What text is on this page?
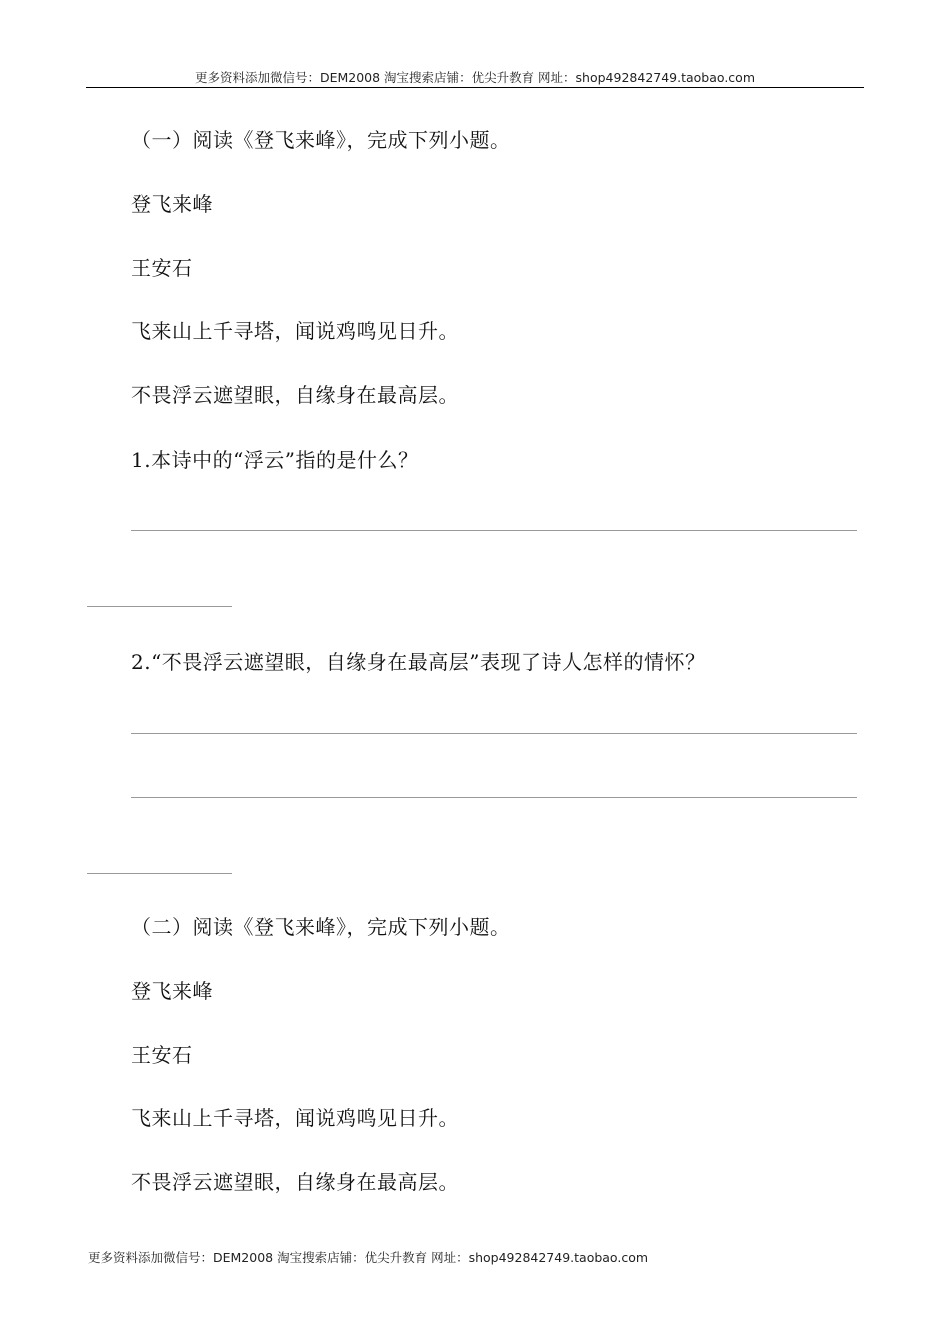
更多资料添加微信号：DEM2008 淘宝搜索店铺：优尖升教育 网址：shop492842749.taobao.com
（一）阅读《登飞来峰》，完成下列小题。
登飞来峰
王安石
飞来山上千寻塔，闻说鸡鸣见日升。
不畏浮云遮望眼，自缘身在最高层。
1.本诗中的“浮云”指的是什么？
2.“不畏浮云遮望眼，自缘身在最高层”表现了诗人怎样的情怀？
（二）阅读《登飞来峰》，完成下列小题。
登飞来峰
王安石
飞来山上千寻塔，闻说鸡鸣见日升。
不畏浮云遮望眼，自缘身在最高层。
更多资料添加微信号：DEM2008 淘宝搜索店铺：优尖升教育 网址：shop492842749.taobao.com
